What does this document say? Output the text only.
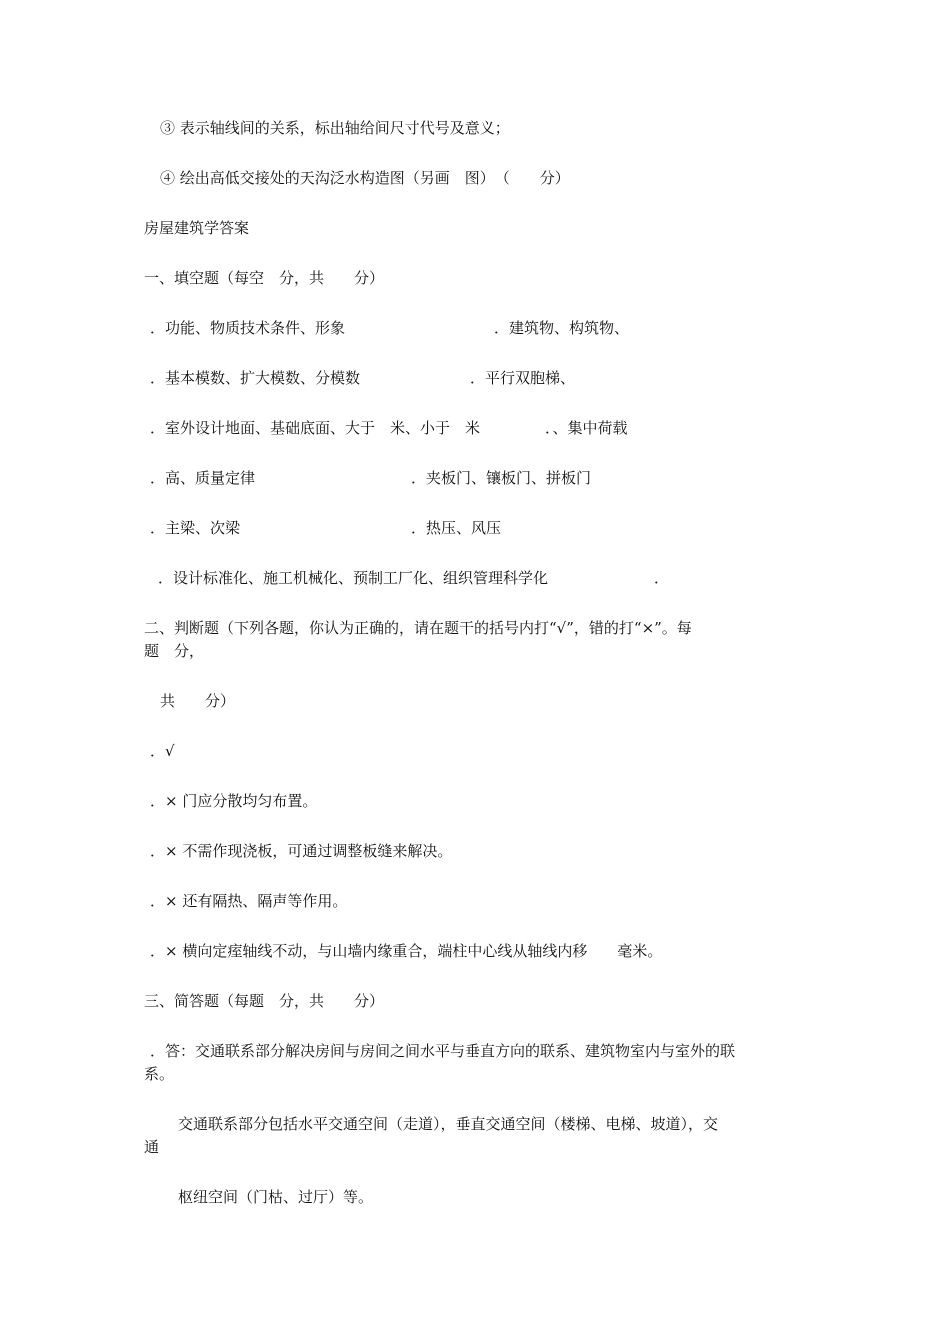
③ 表示轴线间的关系，标出轴给间尺寸代号及意义；
④ 绘出高低交接处的天沟泛水构造图（另画　图）　（　　分）
房屋建筑学答案
一、填空题（每空　分，共　　分）
．功能、物质技术条件、形象	．建筑物、构筑物、
．基本模数、扩大模数、分模数	．平行双胞梯、
．室外设计地面、基础底面、大于　米、小于　米	．、集中荷载
．高、质量定律	．夹板门、镶板门、拼板门
．主梁、次梁	．热压、风压
．设计标准化、施工机械化、预制工厂化、组织管理科学化	．
二、判断题（下列各题，你认为正确的，请在题干的括号内打“√”，错的打“×”。每
题　分，
共　　分）
．√
．× 门应分散均匀布置。
．× 不需作现浇板，可通过调整板缝来解决。
．× 还有隔热、隔声等作用。
．× 横向定痓轴线不动，与山墙内缘重合，端柱中心线从轴线内移　　毫米。
三、简答题（每题　分，共　　分）
．答：交通联系部分解决房间与房间之间水平与垂直方向的联系、建筑物室内与室外的联
系。
交通联系部分包括水平交通空间（走道），垂直交通空间（楼梯、电梯、坡道），交
通
枢纽空间（门枯、过厅）等。
